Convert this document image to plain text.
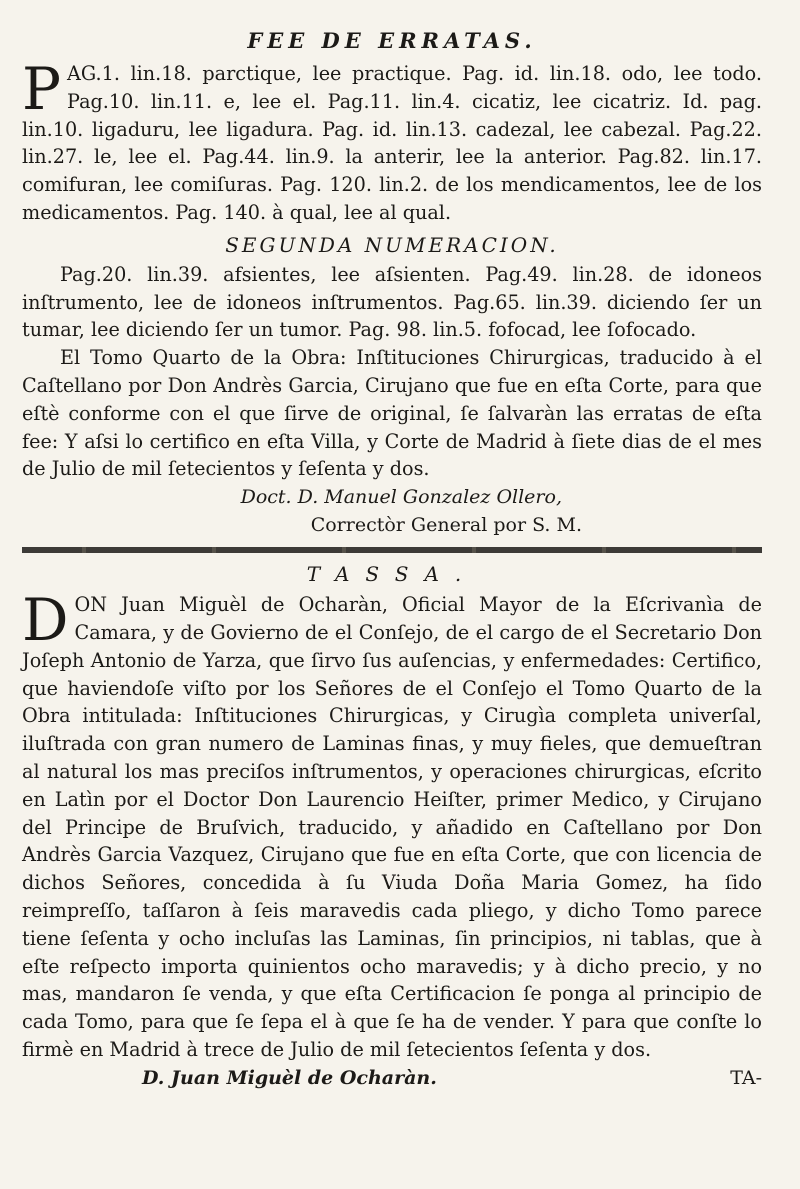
FEE DE ERRATAS.

PAG.1. lin.18. parctique, lee practique. Pag. id. lin.18. odo, lee todo. Pag.10. lin.11. e, lee el. Pag.11. lin.4. cicatiz, lee cicatriz. Id. pag. lin.10. ligaduru, lee ligadura. Pag. id. lin.13. cadezal, lee cabezal. Pag.22. lin.27. le, lee el. Pag.44. lin.9. la anterir, lee la anterior. Pag.82. lin.17. comifuran, lee comiſuras. Pag. 120. lin.2. de los mendicamentos, lee de los medicamentos. Pag. 140. à qual, lee al qual.

SEGUNDA NUMERACION.

Pag.20. lin.39. afsientes, lee aſsienten. Pag.49. lin.28. de idoneos inſtrumento, lee de idoneos inſtrumentos. Pag.65. lin.39. diciendo ſer un tumar, lee diciendo ſer un tumor. Pag. 98. lin.5. fofocad, lee ſofocado.

El Tomo Quarto de la Obra: Inſtituciones Chirurgicas, traducido à el Caſtellano por Don Andrès Garcia, Cirujano que fue en eſta Corte, para que eſtè conforme con el que ſirve de original, ſe ſalvaràn las erratas de eſta fee: Y aſsi lo certifico en eſta Villa, y Corte de Madrid à ſiete dias de el mes de Julio de mil ſetecientos y ſeſenta y dos.

Doct. D. Manuel Gonzalez Ollero,
Correctòr General por S. M.
TASSA.

DON Juan Miguèl de Ocharàn, Oficial Mayor de la Eſcrivanìa de Camara, y de Govierno de el Conſejo, de el cargo de el Secretario Don Joſeph Antonio de Yarza, que ſirvo ſus auſencias, y enfermedades: Certifico, que haviendoſe viſto por los Señores de el Conſejo el Tomo Quarto de la Obra intitulada: Inſtituciones Chirurgicas, y Cirugìa completa univerſal, iluſtrada con gran numero de Laminas finas, y muy fieles, que demueſtran al natural los mas preciſos inſtrumentos, y operaciones chirurgicas, eſcrito en Latìn por el Doctor Don Laurencio Heiſter, primer Medico, y Cirujano del Principe de Bruſvich, traducido, y añadido en Caſtellano por Don Andrès Garcia Vazquez, Cirujano que fue en eſta Corte, que con licencia de dichos Señores, concedida à ſu Viuda Doña Maria Gomez, ha ſido reimpreſſo, taſſaron à ſeis maravedis cada pliego, y dicho Tomo parece tiene ſeſenta y ocho incluſas las Laminas, ſin principios, ni tablas, que à eſte reſpecto importa quinientos ocho maravedis; y à dicho precio, y no mas, mandaron ſe venda, y que eſta Certificacion ſe ponga al principio de cada Tomo, para que ſe ſepa el à que ſe ha de vender. Y para que conſte lo firmè en Madrid à trece de Julio de mil ſetecientos ſeſenta y dos.

D. Juan Miguèl de Ocharàn.	TA-
